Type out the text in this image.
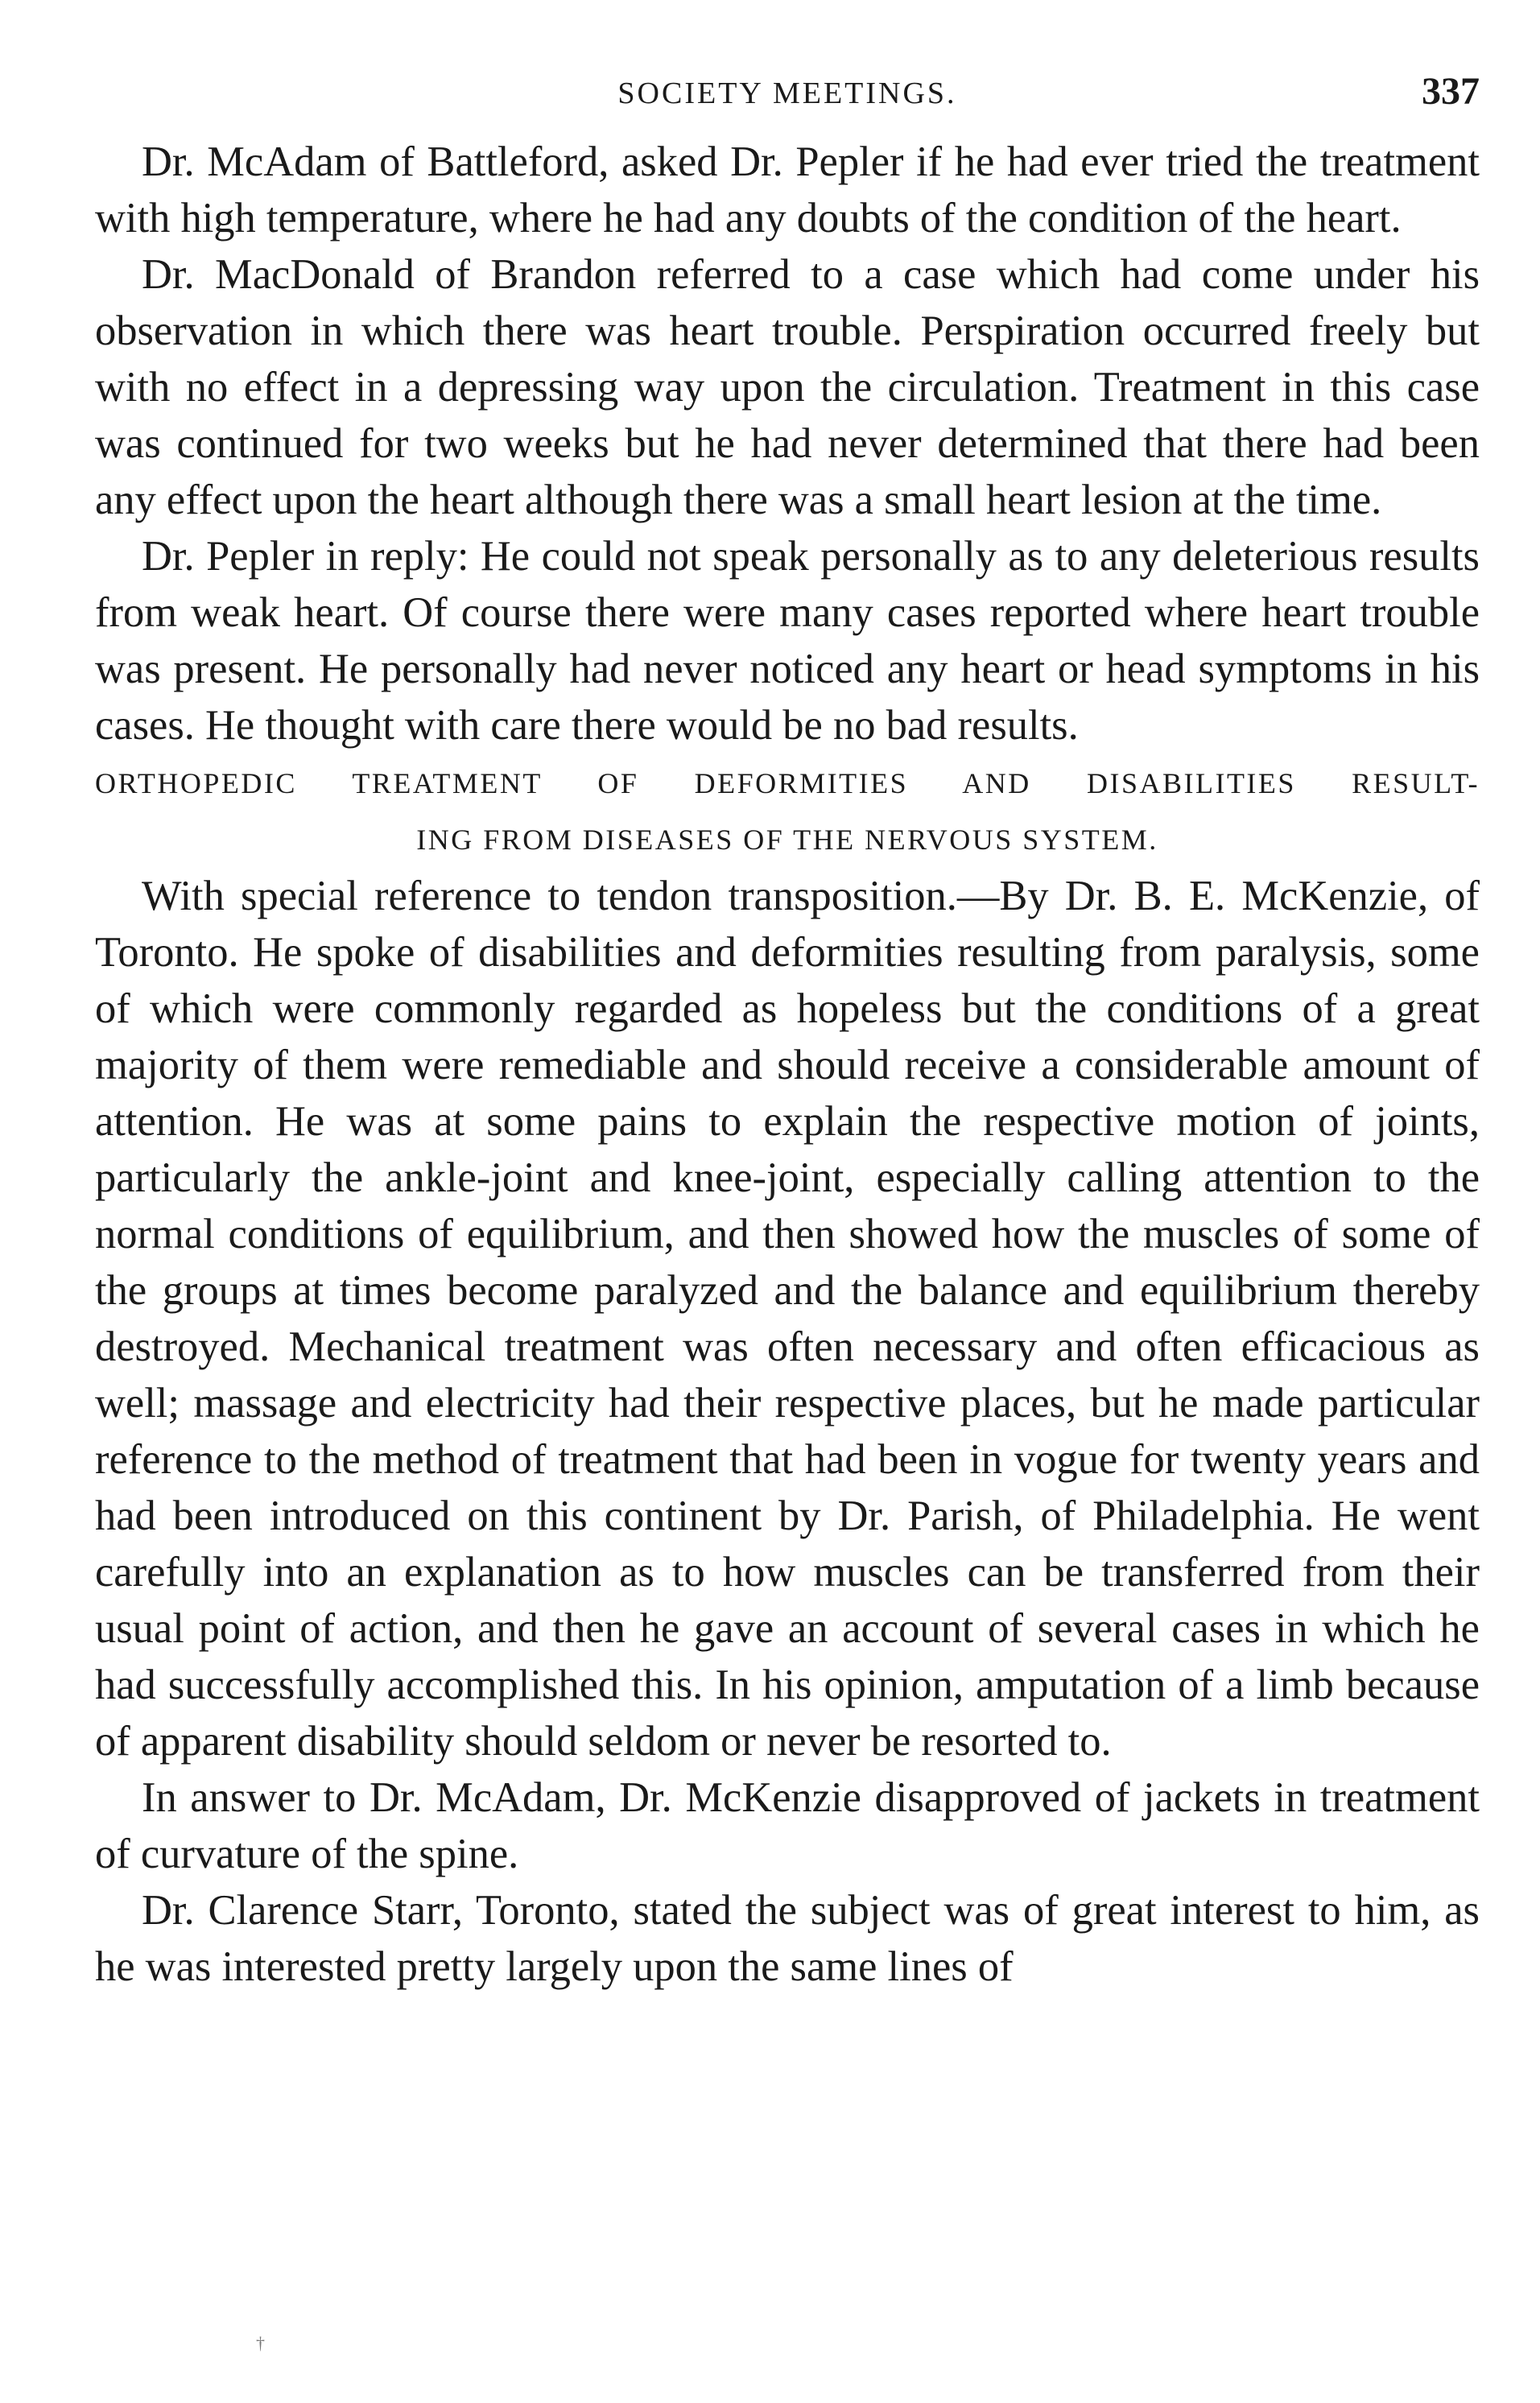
SOCIETY MEETINGS.	337

Dr. McAdam of Battleford, asked Dr. Pepler if he had ever tried the treatment with high temperature, where he had any doubts of the condition of the heart.

Dr. MacDonald of Brandon referred to a case which had come under his observation in which there was heart trouble. Perspiration occurred freely but with no effect in a depressing way upon the circulation. Treatment in this case was continued for two weeks but he had never determined that there had been any effect upon the heart although there was a small heart lesion at the time.

Dr. Pepler in reply: He could not speak personally as to any deleterious results from weak heart. Of course there were many cases reported where heart trouble was present. He personally had never noticed any heart or head symptoms in his cases. He thought with care there would be no bad results.

ORTHOPEDIC TREATMENT OF DEFORMITIES AND DISABILITIES RESULT-
ING FROM DISEASES OF THE NERVOUS SYSTEM.

With special reference to tendon transposition.—By Dr. B. E. McKenzie, of Toronto. He spoke of disabilities and deformities resulting from paralysis, some of which were commonly regarded as hopeless but the conditions of a great majority of them were remediable and should receive a considerable amount of attention. He was at some pains to explain the respective motion of joints, particularly the ankle-joint and knee-joint, especially calling attention to the normal conditions of equilibrium, and then showed how the muscles of some of the groups at times become paralyzed and the balance and equilibrium thereby destroyed. Mechanical treatment was often necessary and often efficacious as well; massage and electricity had their respective places, but he made particular reference to the method of treatment that had been in vogue for twenty years and had been introduced on this continent by Dr. Parish, of Philadelphia. He went carefully into an explanation as to how muscles can be transferred from their usual point of action, and then he gave an account of several cases in which he had successfully accomplished this. In his opinion, amputation of a limb because of apparent disability should seldom or never be resorted to.

In answer to Dr. McAdam, Dr. McKenzie disapproved of jackets in treatment of curvature of the spine.

Dr. Clarence Starr, Toronto, stated the subject was of great interest to him, as he was interested pretty largely upon the same lines of

†
